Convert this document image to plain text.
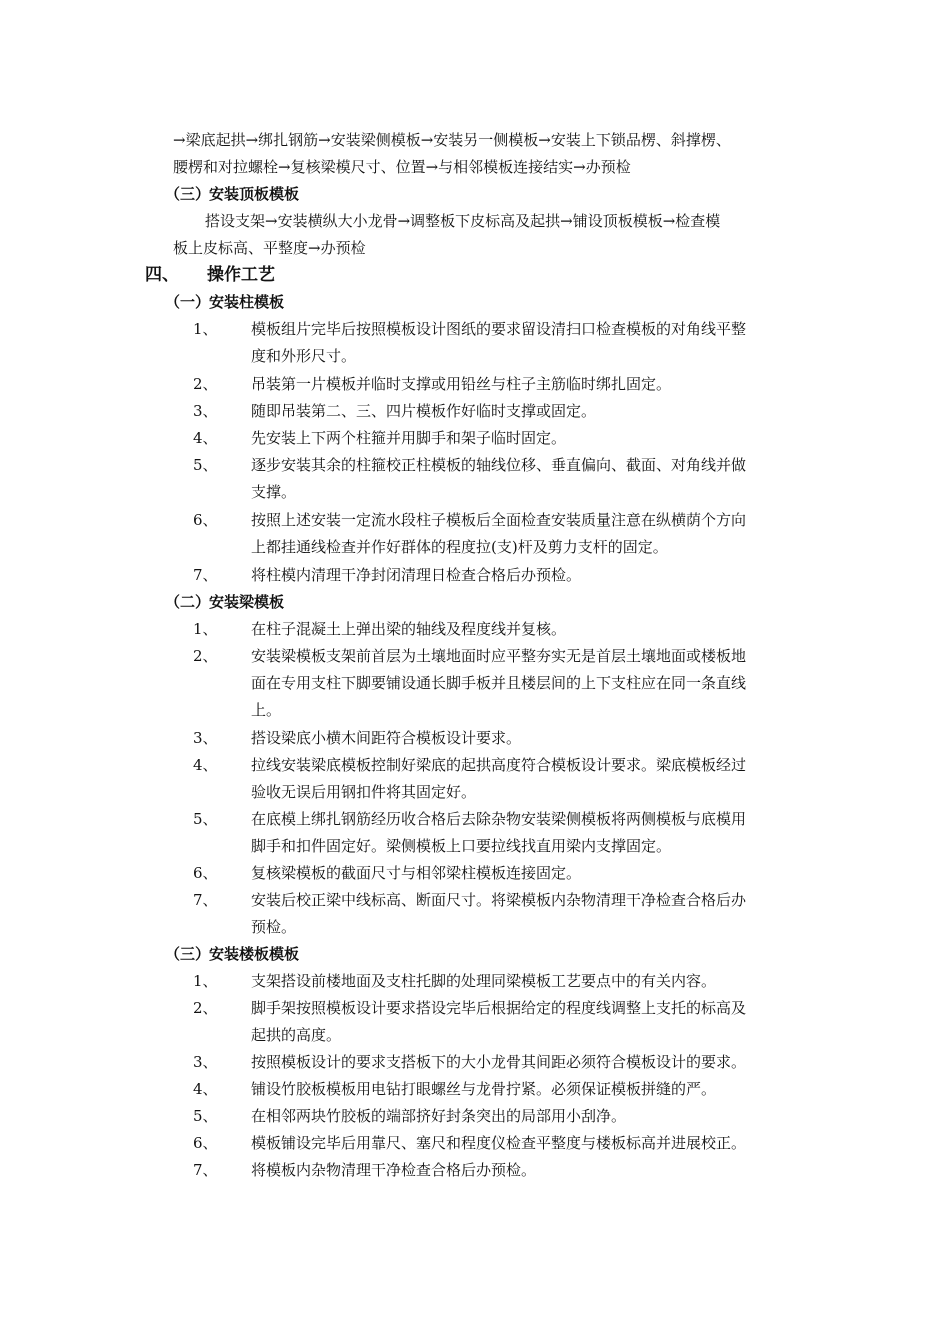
→梁底起拱→绑扎钢筋→安装梁侧模板→安装另一侧模板→安装上下锁品楞、斜撑楞、
腰楞和对拉螺栓→复核梁模尺寸、位置→与相邻模板连接结实→办预检
（三）安装顶板模板
搭设支架→安装横纵大小龙骨→调整板下皮标高及起拱→铺设顶板模板→检查模
板上皮标高、平整度→办预检
四、 操作工艺
（一）安装柱模板
1、	模板组片完毕后按照模板设计图纸的要求留设清扫口检查模板的对角线平整
度和外形尺寸。
2、	吊装第一片模板并临时支撑或用铅丝与柱子主筋临时绑扎固定。
3、	随即吊装第二、三、四片模板作好临时支撑或固定。
4、	先安装上下两个柱箍并用脚手和架子临时固定。
5、	逐步安装其余的柱箍校正柱模板的轴线位移、垂直偏向、截面、对角线并做
支撑。
6、	按照上述安装一定流水段柱子模板后全面检查安装质量注意在纵横荫个方向
上都挂通线检查并作好群体的程度拉(支)杆及剪力支杆的固定。
7、	将柱模内清理干净封闭清理日检查合格后办预检。
（二）安装梁模板
1、	在柱子混凝土上弹出梁的轴线及程度线并复核。
2、	安装梁模板支架前首层为土壤地面时应平整夯实无是首层土壤地面或楼板地
面在专用支柱下脚要铺设通长脚手板并且楼层间的上下支柱应在同一条直线
上。
3、	搭设梁底小横木间距符合模板设计要求。
4、	拉线安装梁底模板控制好梁底的起拱高度符合模板设计要求。梁底模板经过
验收无误后用钢扣件将其固定好。
5、	在底模上绑扎钢筋经历收合格后去除杂物安装梁侧模板将两侧模板与底模用
脚手和扣件固定好。梁侧模板上口要拉线找直用梁内支撑固定。
6、	复核梁模板的截面尺寸与相邻梁柱模板连接固定。
7、	安装后校正梁中线标高、断面尺寸。将梁模板内杂物清理干净检查合格后办
预检。
（三）安装楼板模板
1、	支架搭设前楼地面及支柱托脚的处理同梁模板工艺要点中的有关内容。
2、	脚手架按照模板设计要求搭设完毕后根据给定的程度线调整上支托的标高及
起拱的高度。
3、	按照模板设计的要求支搭板下的大小龙骨其间距必须符合模板设计的要求。
4、	铺设竹胶板模板用电钻打眼螺丝与龙骨拧紧。必须保证模板拼缝的严。
5、	在相邻两块竹胶板的端部挤好封条突出的局部用小刮净。
6、	模板铺设完毕后用靠尺、塞尺和程度仪检查平整度与楼板标高并进展校正。
7、	将模板内杂物清理干净检查合格后办预检。
